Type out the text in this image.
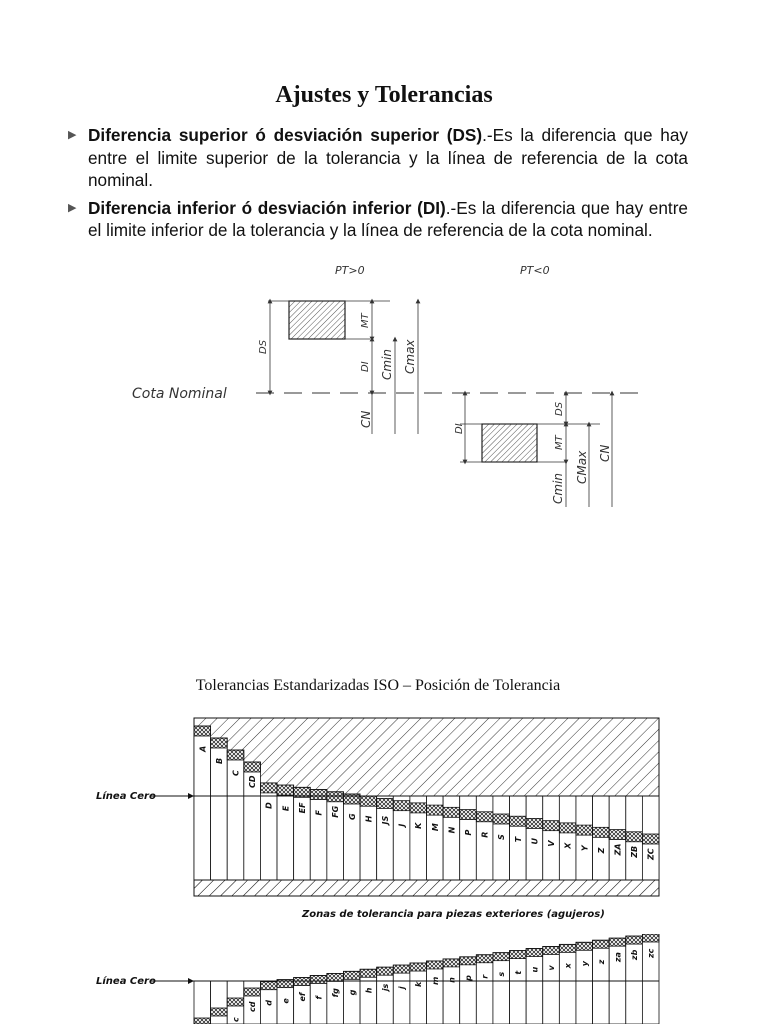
Ajustes y Tolerancias
▶ Diferencia superior ó desviación superior (DS).-Es la diferencia que hay entre el limite superior de la tolerancia y la línea de referencia de la cota nominal.
▶ Diferencia inferior ó desviación inferior (DI).-Es la diferencia que hay entre el limite inferior de la tolerancia y la línea de referencia de la cota nominal.
PT>0	PT<0
Cota Nominal
DS
MT
DI Cmin Cmax
CN
DI
DS
MT
Cmin
CMax CN
Tolerancias Estandarizadas ISO – Posición de Tolerancia
A
B
C
CD
D E EF F FG G H JS
J K M N P R S T U V X Y Z ZA ZB ZC
Línea Cero
Zonas de tolerancia para piezas exteriores (agujeros)
c
cd d e ef f
fg g h js j
k m n p r
s t
u v x y z za zb zc
Línea Cero
